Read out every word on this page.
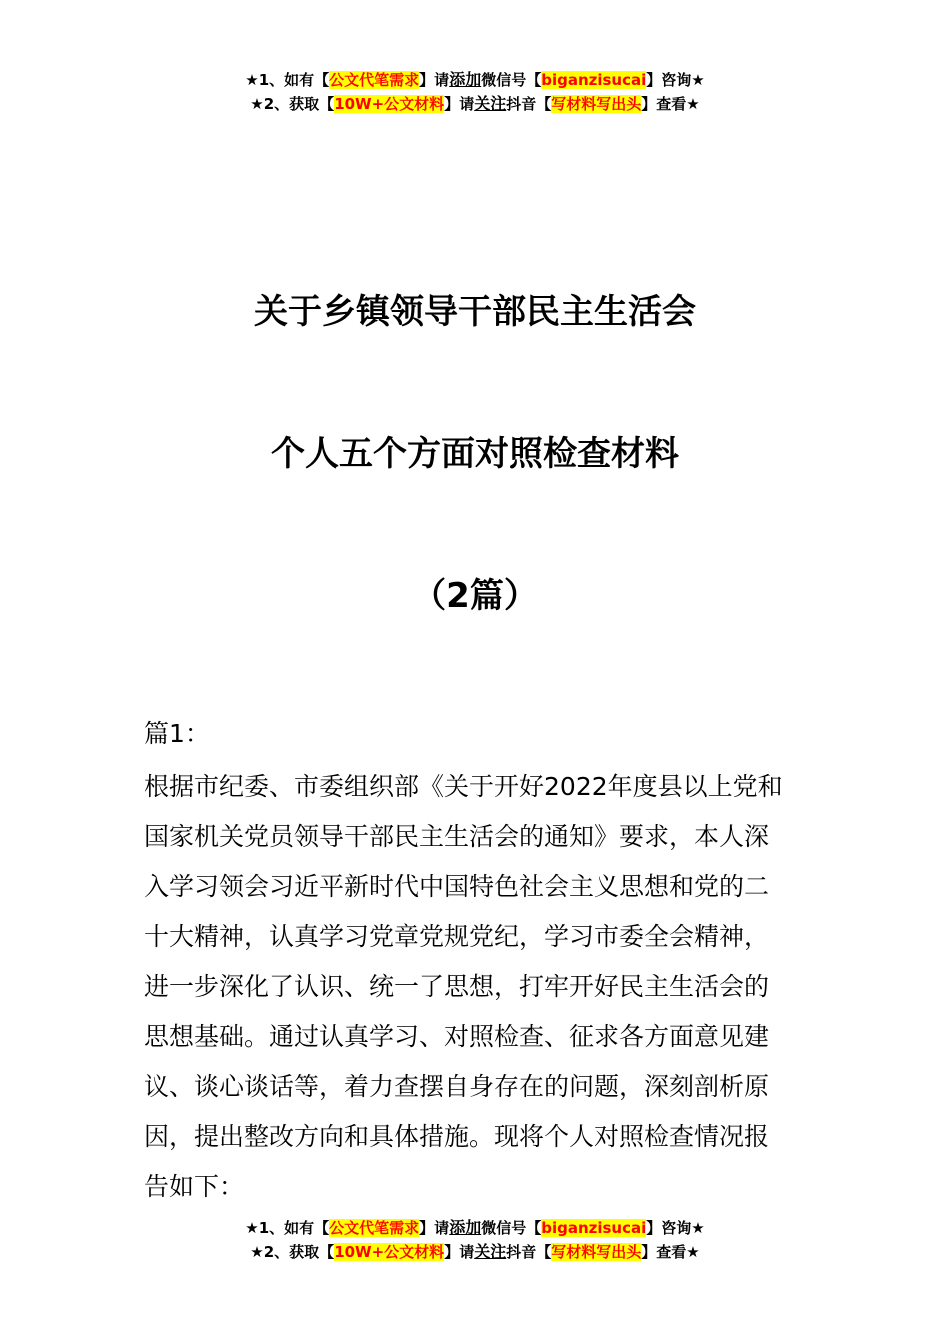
★1、如有【公文代笔需求】请添加微信号【biganzisucai】咨询★
★2、获取【10W+公文材料】请关注抖音【写材料写出头】查看★
关于乡镇领导干部民主生活会
个人五个方面对照检查材料
（2篇）
篇1：
根据市纪委、市委组织部《关于开好2022年度县以上党和
国家机关党员领导干部民主生活会的通知》要求，本人深
入学习领会习近平新时代中国特色社会主义思想和党的二
十大精神，认真学习党章党规党纪，学习市委全会精神，
进一步深化了认识、统一了思想，打牢开好民主生活会的
思想基础。通过认真学习、对照检查、征求各方面意见建
议、谈心谈话等，着力查摆自身存在的问题，深刻剖析原
因，提出整改方向和具体措施。现将个人对照检查情况报
告如下：
★1、如有【公文代笔需求】请添加微信号【biganzisucai】咨询★
★2、获取【10W+公文材料】请关注抖音【写材料写出头】查看★
